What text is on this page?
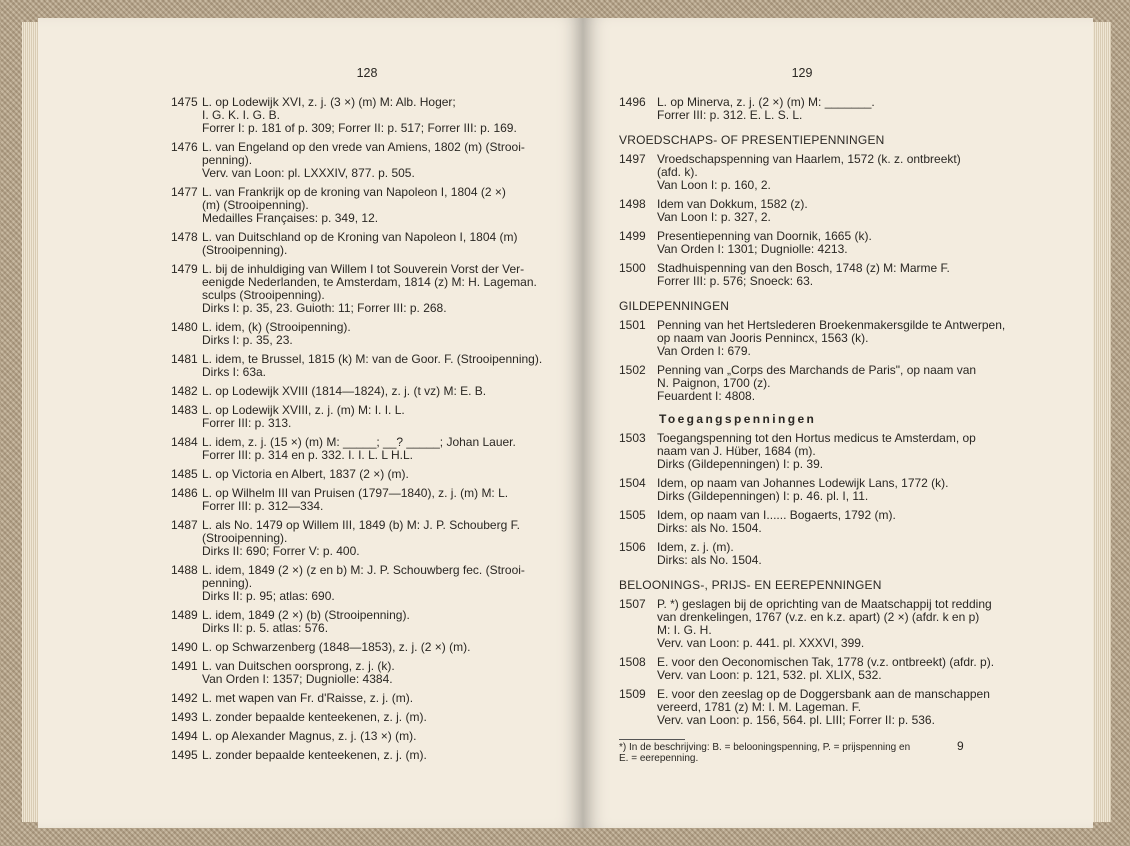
128
1475 L. op Lodewijk XVI, z. j. (3 ×) (m) M: Alb. Hoger;
I. G. K. I. G. B.
Forrer I: p. 181 of p. 309; Forrer II: p. 517; Forrer III: p. 169.
1476 L. van Engeland op den vrede van Amiens, 1802 (m) (Strooi-
penning).
Verv. van Loon: pl. LXXXIV, 877. p. 505.
1477 L. van Frankrijk op de kroning van Napoleon I, 1804 (2 ×)
(m) (Strooipenning).
Medailles Françaises: p. 349, 12.
1478 L. van Duitschland op de Kroning van Napoleon I, 1804 (m)
(Strooipenning).
1479 L. bij de inhuldiging van Willem I tot Souverein Vorst der Ver-
eenigde Nederlanden, te Amsterdam, 1814 (z) M: H. Lageman.
sculps (Strooipenning).
Dirks I: p. 35, 23. Guioth: 11; Forrer III: p. 268.
1480 L. idem, (k) (Strooipenning).
Dirks I: p. 35, 23.
1481 L. idem, te Brussel, 1815 (k) M: van de Goor. F. (Strooipenning).
Dirks I: 63a.
1482 L. op Lodewijk XVIII (1814—1824), z. j. (t vz) M: E. B.
1483 L. op Lodewijk XVIII, z. j. (m) M: I. I. L.
Forrer III: p. 313.
1484 L. idem, z. j. (15 ×) (m) M: _____; __? _____; Johan Lauer.
Forrer III: p. 314 en p. 332. I. I. L. L H.L.
1485 L. op Victoria en Albert, 1837 (2 ×) (m).
1486 L. op Wilhelm III van Pruisen (1797—1840), z. j. (m) M: L.
Forrer III: p. 312—334.
1487 L. als No. 1479 op Willem III, 1849 (b) M: J. P. Schouberg F.
(Strooipenning).
Dirks II: 690; Forrer V: p. 400.
1488 L. idem, 1849 (2 ×) (z en b) M: J. P. Schouwberg fec. (Strooi-
penning).
Dirks II: p. 95; atlas: 690.
1489 L. idem, 1849 (2 ×) (b) (Strooipenning).
Dirks II: p. 5. atlas: 576.
1490 L. op Schwarzenberg (1848—1853), z. j. (2 ×) (m).
1491 L. van Duitschen oorsprong, z. j. (k).
Van Orden I: 1357; Dugniolle: 4384.
1492 L. met wapen van Fr. d'Raisse, z. j. (m).
1493 L. zonder bepaalde kenteekenen, z. j. (m).
1494 L. op Alexander Magnus, z. j. (13 ×) (m).
1495 L. zonder bepaalde kenteekenen, z. j. (m).
129
1496 L. op Minerva, z. j. (2 ×) (m) M: _______.
Forrer III: p. 312. E. L. S. L.
VROEDSCHAPS- OF PRESENTIEPENNINGEN
1497 Vroedschapspenning van Haarlem, 1572 (k. z. ontbreekt)
(afd. k).
Van Loon I: p. 160, 2.
1498 Idem van Dokkum, 1582 (z).
Van Loon I: p. 327, 2.
1499 Presentiepenning van Doornik, 1665 (k).
Van Orden I: 1301; Dugniolle: 4213.
1500 Stadhuispenning van den Bosch, 1748 (z) M: Marme F.
Forrer III: p. 576; Snoeck: 63.
GILDEPENNINGEN
1501 Penning van het Hertslederen Broekenmakersgilde te Antwerpen,
op naam van Jooris Pennincx, 1563 (k).
Van Orden I: 679.
1502 Penning van „Corps des Marchands de Paris", op naam van
N. Paignon, 1700 (z).
Feuardent I: 4808.
Toegangspenningen
1503 Toegangspenning tot den Hortus medicus te Amsterdam, op
naam van J. Hüber, 1684 (m).
Dirks (Gildepenningen) I: p. 39.
1504 Idem, op naam van Johannes Lodewijk Lans, 1772 (k).
Dirks (Gildepenningen) I: p. 46. pl. I, 11.
1505 Idem, op naam van I...... Bogaerts, 1792 (m).
Dirks: als No. 1504.
1506 Idem, z. j. (m).
Dirks: als No. 1504.
BELOONINGS-, PRIJS- EN EEREPENNINGEN
1507 P. *) geslagen bij de oprichting van de Maatschappij tot redding
van drenkelingen, 1767 (v.z. en k.z. apart) (2 ×) (afdr. k en p)
M: I. G. H.
Verv. van Loon: p. 441. pl. XXXVI, 399.
1508 E. voor den Oeconomischen Tak, 1778 (v.z. ontbreekt) (afdr. p).
Verv. van Loon: p. 121, 532. pl. XLIX, 532.
1509 E. voor den zeeslag op de Doggersbank aan de manschappen
vereerd, 1781 (z) M: I. M. Lageman. F.
Verv. van Loon: p. 156, 564. pl. LIII; Forrer II: p. 536.
*) In de beschrijving: B. = belooningspenning, P. = prijspenning en
E. = eerepenning.
9
